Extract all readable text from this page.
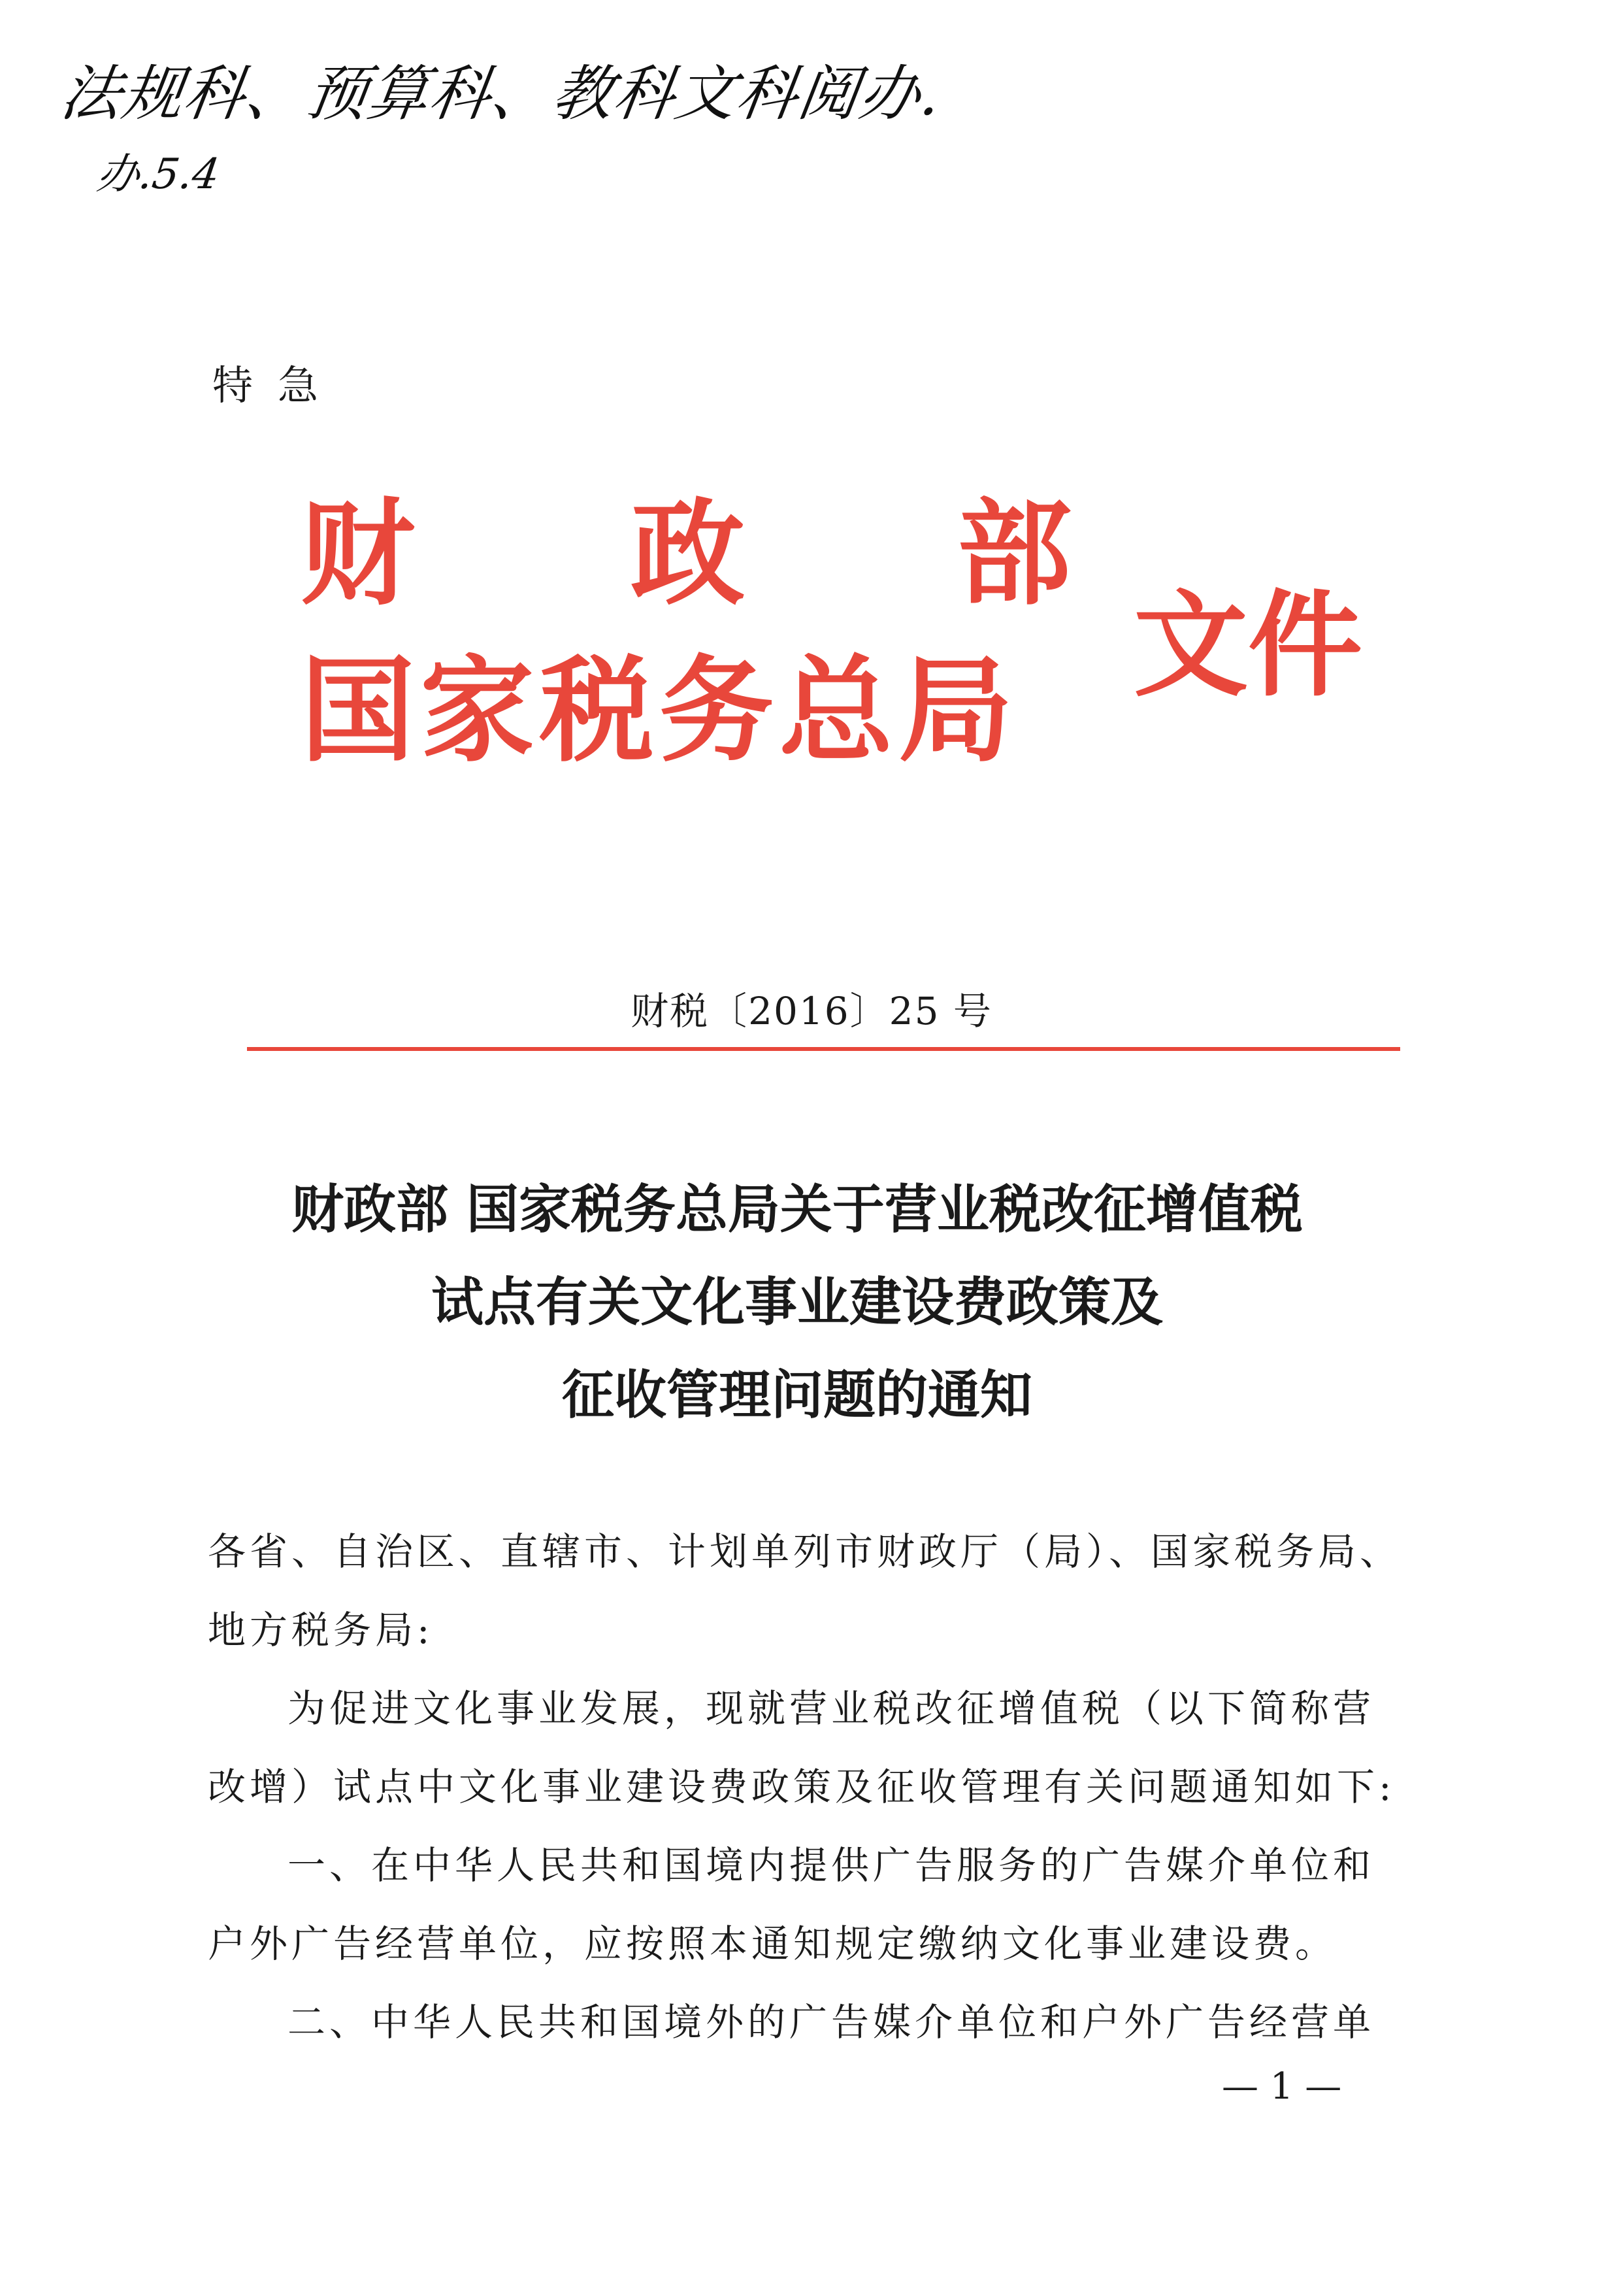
法规科、预算科、教科文科阅办.
办.5.4
特急
财 政 部
国家税务总局 文件
财税〔2016〕25 号
财政部 国家税务总局关于营业税改征增值税
试点有关文化事业建设费政策及
征收管理问题的通知
各省、自治区、直辖市、计划单列市财政厅（局）、国家税务局、
地方税务局:
为促进文化事业发展，现就营业税改征增值税（以下简称营
改增）试点中文化事业建设费政策及征收管理有关问题通知如下:
一、在中华人民共和国境内提供广告服务的广告媒介单位和
户外广告经营单位，应按照本通知规定缴纳文化事业建设费。
二、中华人民共和国境外的广告媒介单位和户外广告经营单
— 1 —
